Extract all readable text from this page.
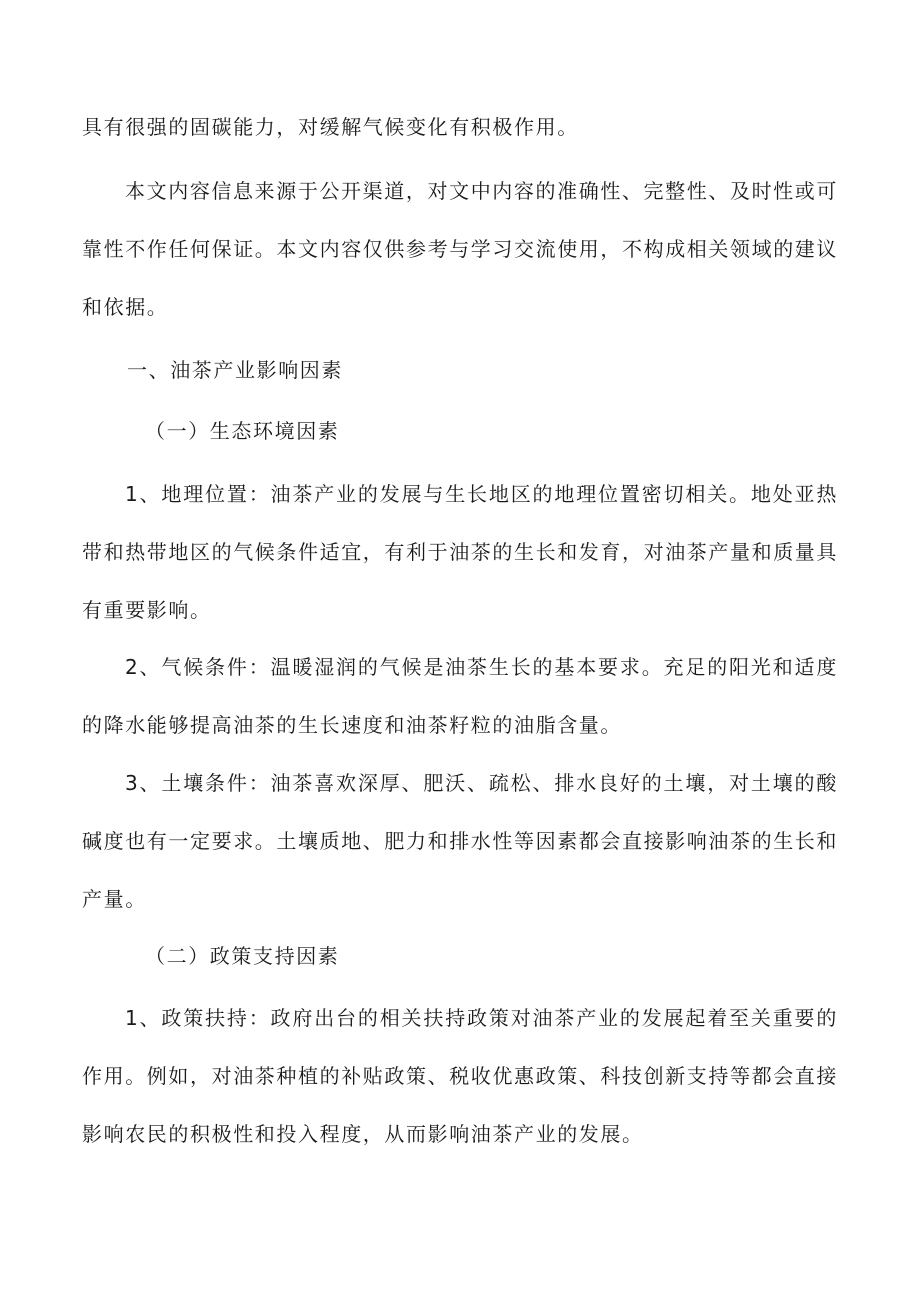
具有很强的固碳能力，对缓解气候变化有积极作用。

本文内容信息来源于公开渠道，对文中内容的准确性、完整性、及时性或可靠性不作任何保证。本文内容仅供参考与学习交流使用，不构成相关领域的建议和依据。

一、油茶产业影响因素

（一）生态环境因素

1、地理位置：油茶产业的发展与生长地区的地理位置密切相关。地处亚热带和热带地区的气候条件适宜，有利于油茶的生长和发育，对油茶产量和质量具有重要影响。

2、气候条件：温暖湿润的气候是油茶生长的基本要求。充足的阳光和适度的降水能够提高油茶的生长速度和油茶籽粒的油脂含量。

3、土壤条件：油茶喜欢深厚、肥沃、疏松、排水良好的土壤，对土壤的酸碱度也有一定要求。土壤质地、肥力和排水性等因素都会直接影响油茶的生长和产量。

（二）政策支持因素

1、政策扶持：政府出台的相关扶持政策对油茶产业的发展起着至关重要的作用。例如，对油茶种植的补贴政策、税收优惠政策、科技创新支持等都会直接影响农民的积极性和投入程度，从而影响油茶产业的发展。
